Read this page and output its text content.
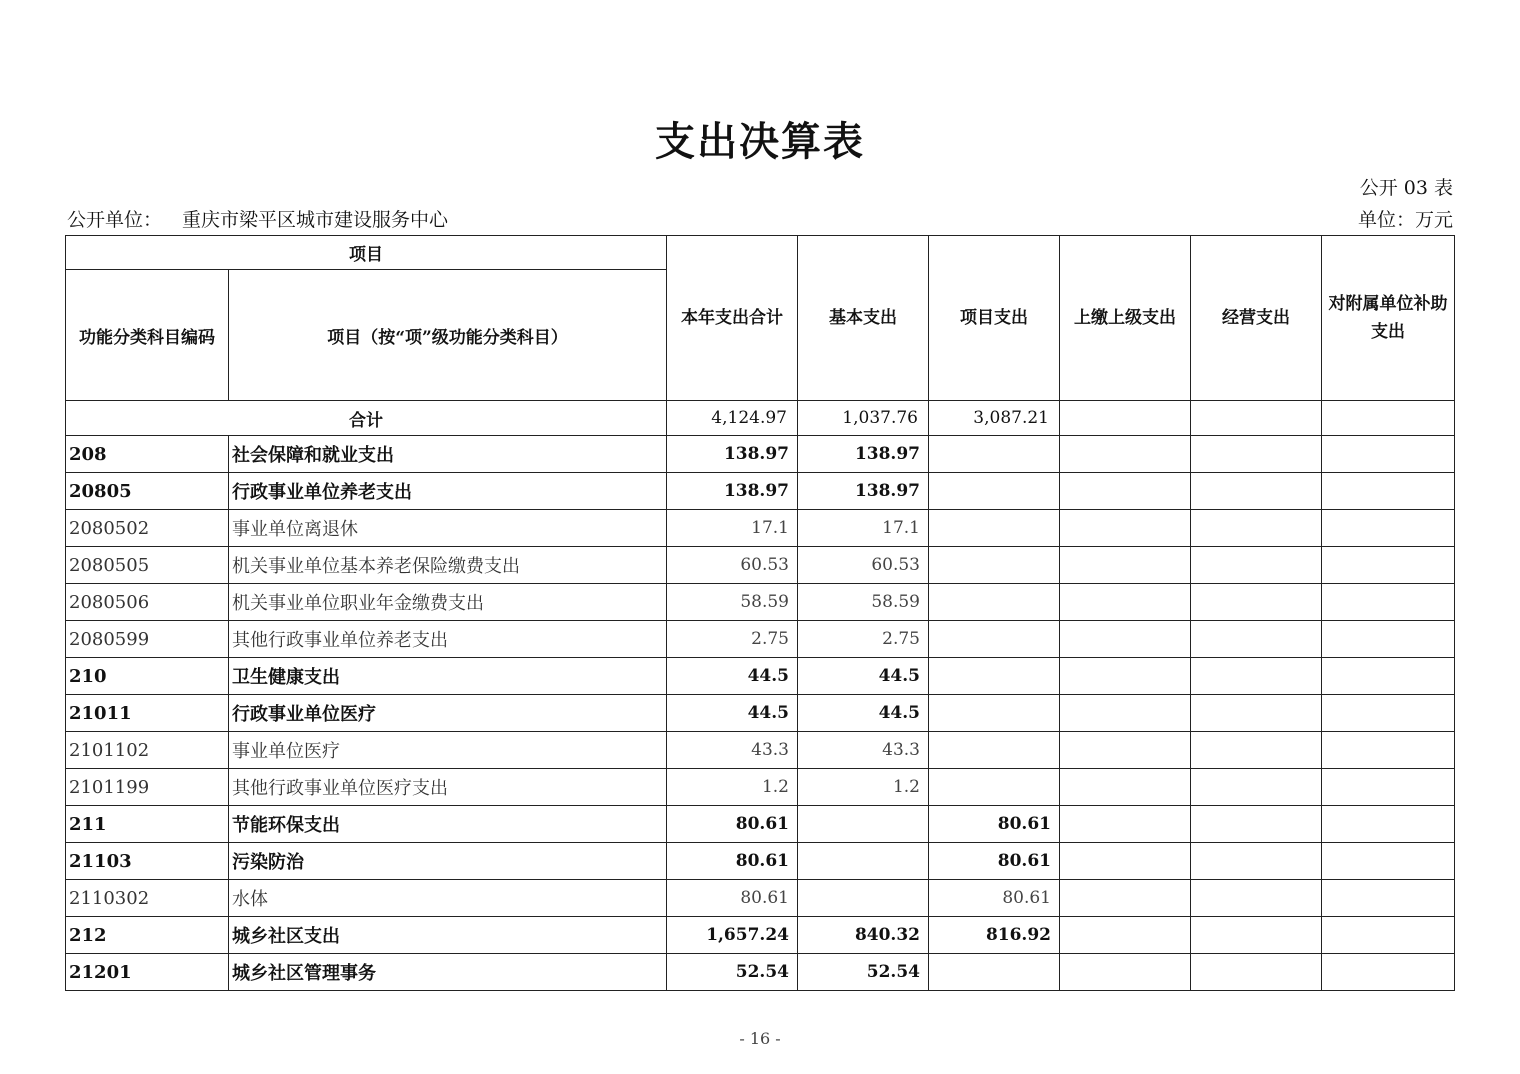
支出决算表
公开 03 表
公开单位： 重庆市梁平区城市建设服务中心	单位：万元
项目		本年支出合计	基本支出	项目支出	上缴上级支出	经营支出	对附属单位补助支出
功能分类科目编码	项目（按“项”级功能分类科目）						
合计		4,124.97	1,037.76	3,087.21			
208	社会保障和就业支出	138.97	138.97				
20805	行政事业单位养老支出	138.97	138.97				
2080502	事业单位离退休	17.1	17.1				
2080505	机关事业单位基本养老保险缴费支出	60.53	60.53				
2080506	机关事业单位职业年金缴费支出	58.59	58.59				
2080599	其他行政事业单位养老支出	2.75	2.75				
210	卫生健康支出	44.5	44.5				
21011	行政事业单位医疗	44.5	44.5				
2101102	事业单位医疗	43.3	43.3				
2101199	其他行政事业单位医疗支出	1.2	1.2				
211	节能环保支出	80.61		80.61			
21103	污染防治	80.61		80.61			
2110302	水体	80.61		80.61			
212	城乡社区支出	1,657.24	840.32	816.92			
21201	城乡社区管理事务	52.54	52.54				
- 16 -
